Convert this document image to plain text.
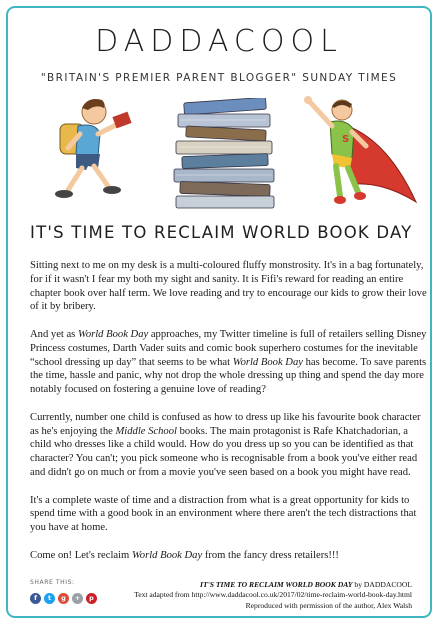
DADDACOOL
"BRITAIN'S PREMIER PARENT BLOGGER" SUNDAY TIMES
S
IT'S TIME TO RECLAIM WORLD BOOK DAY

Sitting next to me on my desk is a multi-coloured fluffy monstrosity. It's in a bag fortunately, for if it wasn't I fear my both my sight and sanity. It is Fifi's reward for reading an entire chapter book over half term. We love reading and try to encourage our kids to grow their love of it by bribery.

And yet as World Book Day approaches, my Twitter timeline is full of retailers selling Disney Princess costumes, Darth Vader suits and comic book superhero costumes for the inevitable “school dressing up day” that seems to be what World Book Day has become. To save parents the time, hassle and panic, why not drop the whole dressing up thing and spend the day more notably focused on fostering a genuine love of reading?

Currently, number one child is confused as how to dress up like his favourite book character as he's enjoying the Middle School books. The main protagonist is Rafe Khatchadorian, a child who dresses like a child would. How do you dress up so you can be identified as that character? You can't; you pick someone who is recognisable from a book you've either read and didn't go on much or from a movie you've seen based on a book you might have read.

It's a complete waste of time and a distraction from what is a great opportunity for kids to spend time with a good book in an environment where there aren't the tech distractions that you have at home.

Come on! Let's reclaim World Book Day from the fancy dress retailers!!!

SHARE THIS:
f	t	g	+	p
IT'S TIME TO RECLAIM WORLD BOOK DAY by DADDACOOL
Text adapted from http://www.daddacool.co.uk/2017/02/time-reclaim-world-book-day.html
Reproduced with permission of the author, Alex Walsh
